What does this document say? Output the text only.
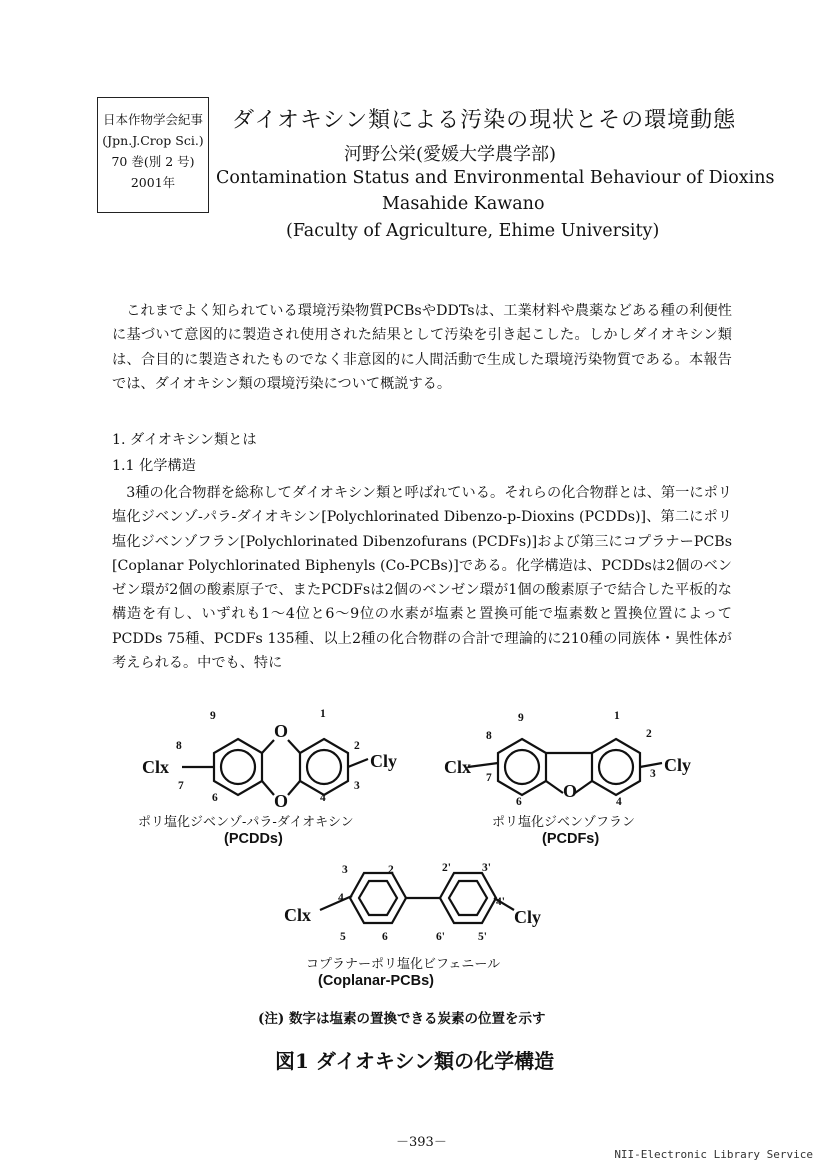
日本作物学会紀事
(Jpn.J.Crop Sci.)
70 巻(別 2 号)
2001年
ダイオキシン類による汚染の現状とその環境動態
河野公栄(愛媛大学農学部)
Contamination Status and Environmental Behaviour of Dioxins
Masahide Kawano
(Faculty of Agriculture, Ehime University)

これまでよく知られている環境汚染物質PCBsやDDTsは、工業材料や農薬などある種の利便性に基づいて意図的に製造され使用された結果として汚染を引き起こした。しかしダイオキシン類は、合目的に製造されたものでなく非意図的に人間活動で生成した環境汚染物質である。本報告では、ダイオキシン類の環境汚染について概説する。

1. ダイオキシン類とは
1.1 化学構造

3種の化合物群を総称してダイオキシン類と呼ばれている。それらの化合物群とは、第一にポリ塩化ジベンゾ-パラ-ダイオキシン[Polychlorinated Dibenzo-p-Dioxins (PCDDs)]、第二にポリ塩化ジベンゾフラン[Polychlorinated Dibenzofurans (PCDFs)]および第三にコプラナーPCBs [Coplanar Polychlorinated Biphenyls (Co-PCBs)]である。化学構造は、PCDDsは2個のベンゼン環が2個の酸素原子で、またPCDFsは2個のベンゼン環が1個の酸素原子で結合した平板的な構造を有し、いずれも1～4位と6～9位の水素が塩素と置換可能で塩素数と置換位置によってPCDDs 75種、PCDFs 135種、以上2種の化合物群の合計で理論的に210種の同族体・異性体が考えられる。中でも、特に

Clx	Cly
O
O
9
8
7
6
1
2
3
4
Clx	Cly
O
9
8
7
6
1
2
3
4
Clx	Cly
3	2
4
5	6
2'	3'
4'
6'	5'
ポリ塩化ジベンゾ-パラ-ダイオキシン
(PCDDs)
ポリ塩化ジベンゾフラン
(PCDFs)
コプラナーポリ塩化ビフェニール
(Coplanar-PCBs)
(注) 数字は塩素の置換できる炭素の位置を示す
図1 ダイオキシン類の化学構造
－393－
NII-Electronic Library Service
